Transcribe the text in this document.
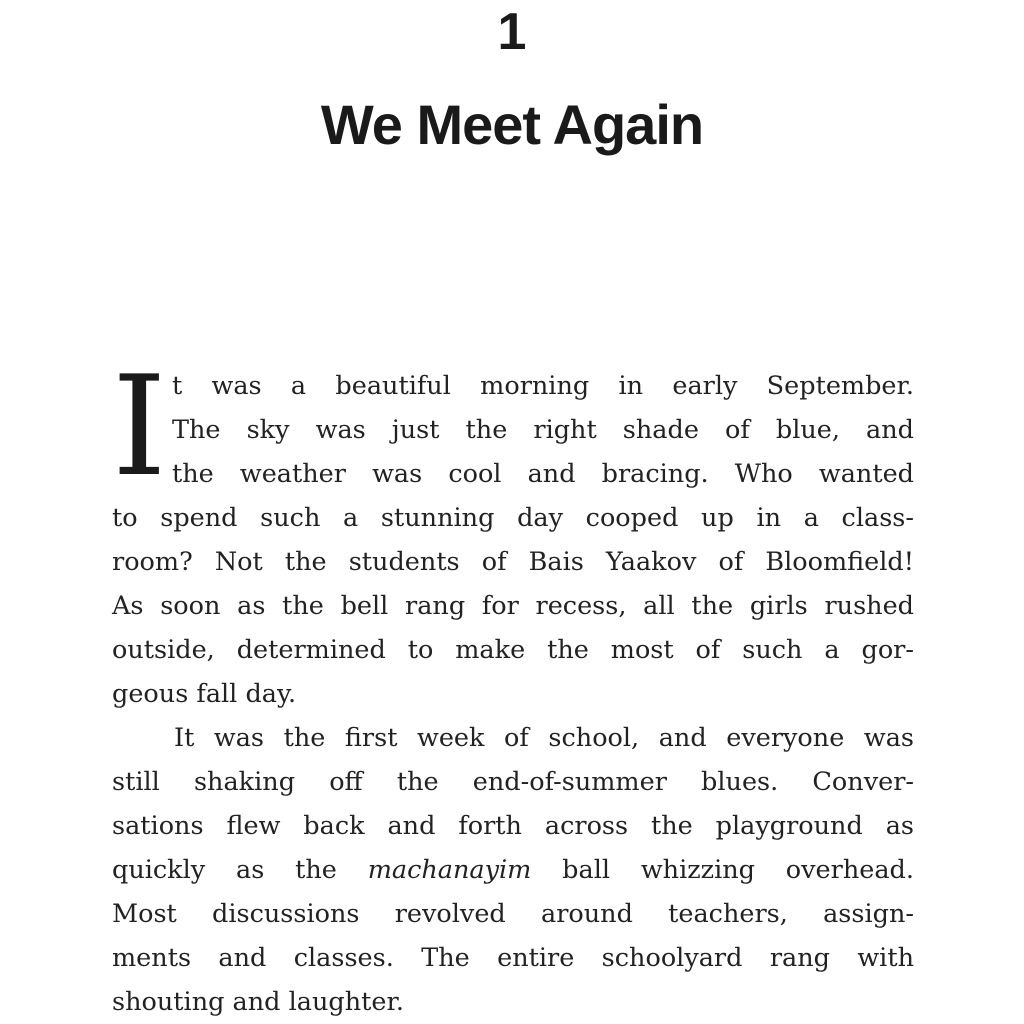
1
We Meet Again
I t was a beautiful morning in early September.
The sky was just the right shade of blue, and
the weather was cool and bracing. Who wanted
to spend such a stunning day cooped up in a class-
room? Not the students of Bais Yaakov of Bloomfield!
As soon as the bell rang for recess, all the girls rushed
outside, determined to make the most of such a gor-
geous fall day.
It was the first week of school, and everyone was
still shaking off the end-of-summer blues. Conver-
sations flew back and forth across the playground as
quickly as the machanayim ball whizzing overhead.
Most discussions revolved around teachers, assign-
ments and classes. The entire schoolyard rang with
shouting and laughter.
